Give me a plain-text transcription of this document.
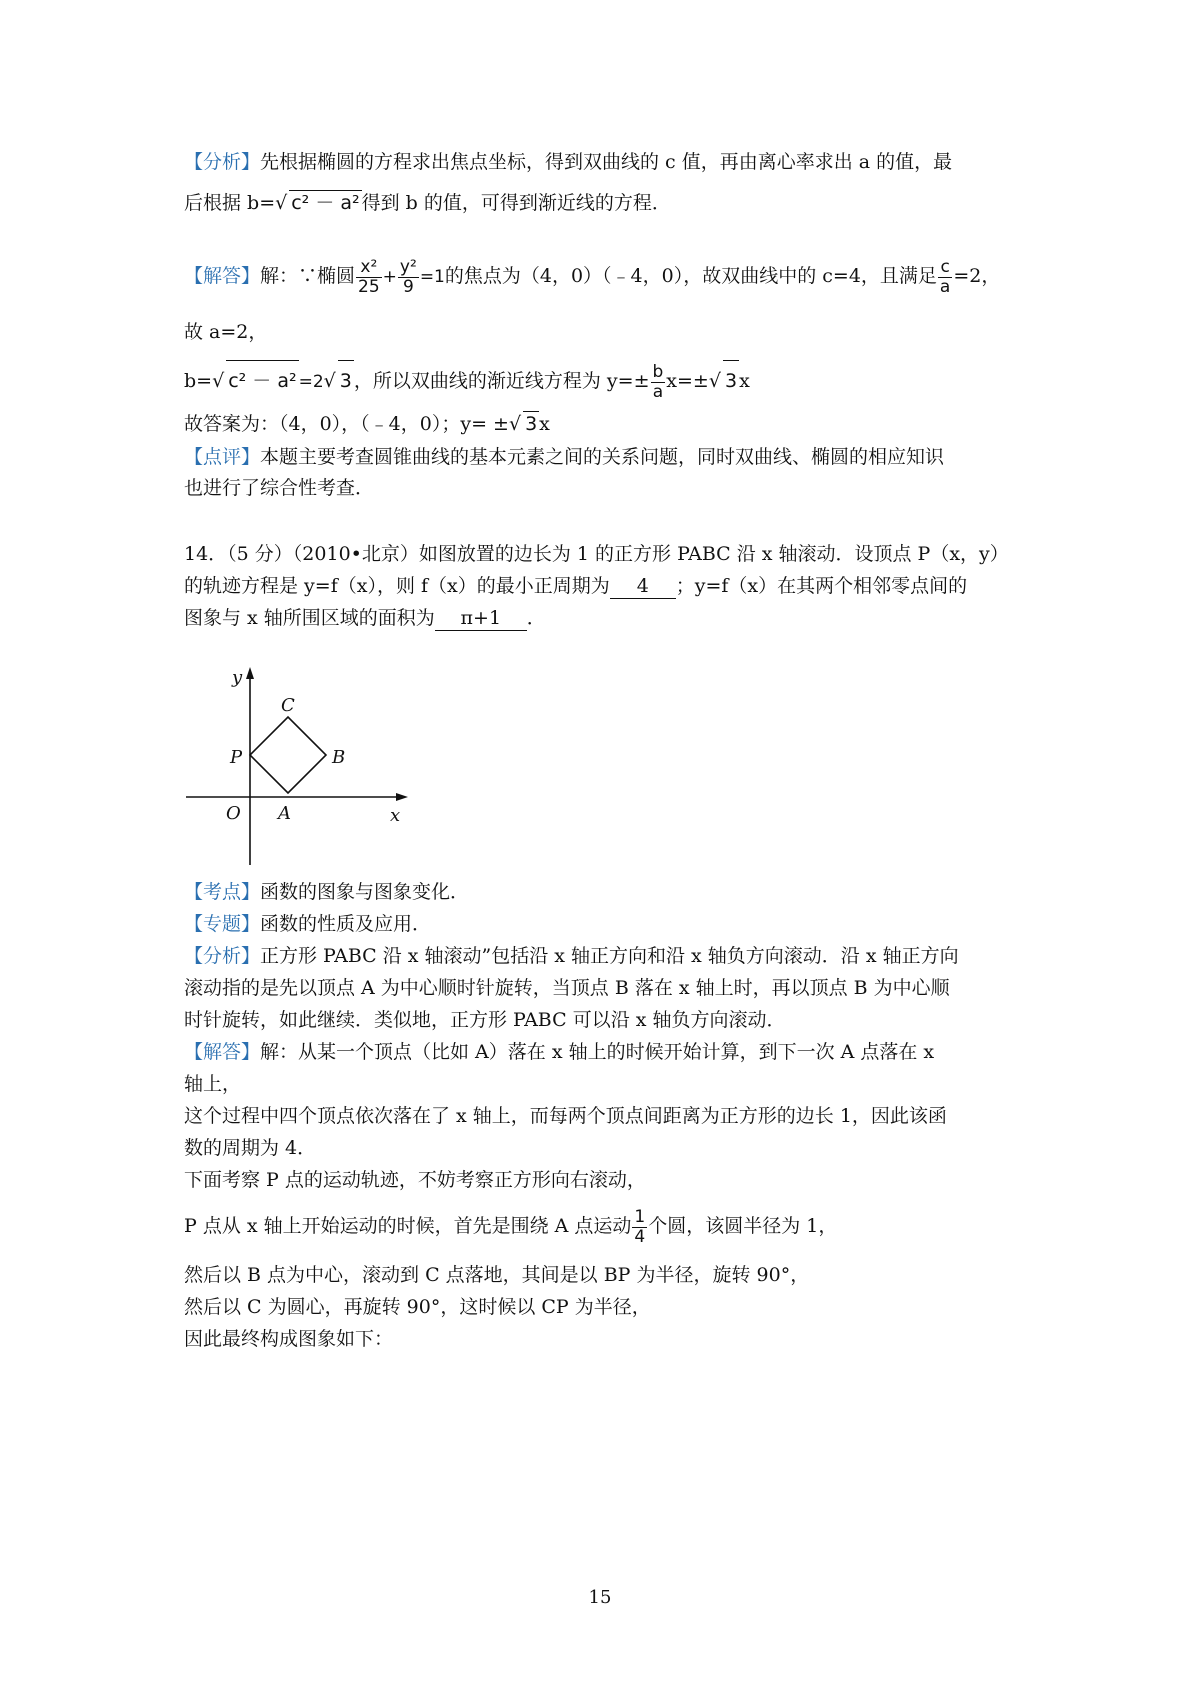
【分析】先根据椭圆的方程求出焦点坐标，得到双曲线的 c 值，再由离心率求出 a 的值，最
后根据 b=√ c² － a² 得到 b 的值，可得到渐近线的方程．
【解答】解：∵椭圆 $\frac{\text{x²}}{25} + \frac{\text{y²}}{9} =1$的焦点为（4，0）（﹣4，0），故双曲线中的 c=4，且满足 $\frac{c}{a} =2$，
故 a=2，
b=√ c² － a² =2√ 3 ，所以双曲线的渐近线方程为 $y=\pm \frac{b}{a} x=\pm√$ 3 x
故答案为：（4，0），（﹣4，0）；y= ±√ 3 x
【点评】本题主要考查圆锥曲线的基本元素之间的关系问题，同时双曲线、椭圆的相应知识
也进行了综合性考查．
14．（5 分）（2010•北京）如图放置的边长为 1 的正方形 PABC 沿 x 轴滚动．设顶点 P（x，y）
的轨迹方程是 y=f（x），则 f（x）的最小正周期为 4 ；y=f（x）在其两个相邻零点间的
图象与 x 轴所围区域的面积为 π+1 ．
y
x
O A
B
C
P
【考点】函数的图象与图象变化．
【专题】函数的性质及应用．
【分析】正方形 PABC 沿 x 轴滚动”包括沿 x 轴正方向和沿 x 轴负方向滚动．沿 x 轴正方向
滚动指的是先以顶点 A 为中心顺时针旋转，当顶点 B 落在 x 轴上时，再以顶点 B 为中心顺
时针旋转，如此继续．类似地，正方形 PABC 可以沿 x 轴负方向滚动．
【解答】解：从某一个顶点（比如 A）落在 x 轴上的时候开始计算，到下一次 A 点落在 x
轴上，
这个过程中四个顶点依次落在了 x 轴上，而每两个顶点间距离为正方形的边长 1，因此该函
数的周期为 4．
下面考察 P 点的运动轨迹，不妨考察正方形向右滚动，
P 点从 x 轴上开始运动的时候，首先是围绕 A 点运动 $\frac{1}{4}$ 个圆，该圆半径为 1，
然后以 B 点为中心，滚动到 C 点落地，其间是以 BP 为半径，旋转 90°，
然后以 C 为圆心，再旋转 90°，这时候以 CP 为半径，
因此最终构成图象如下：
15
